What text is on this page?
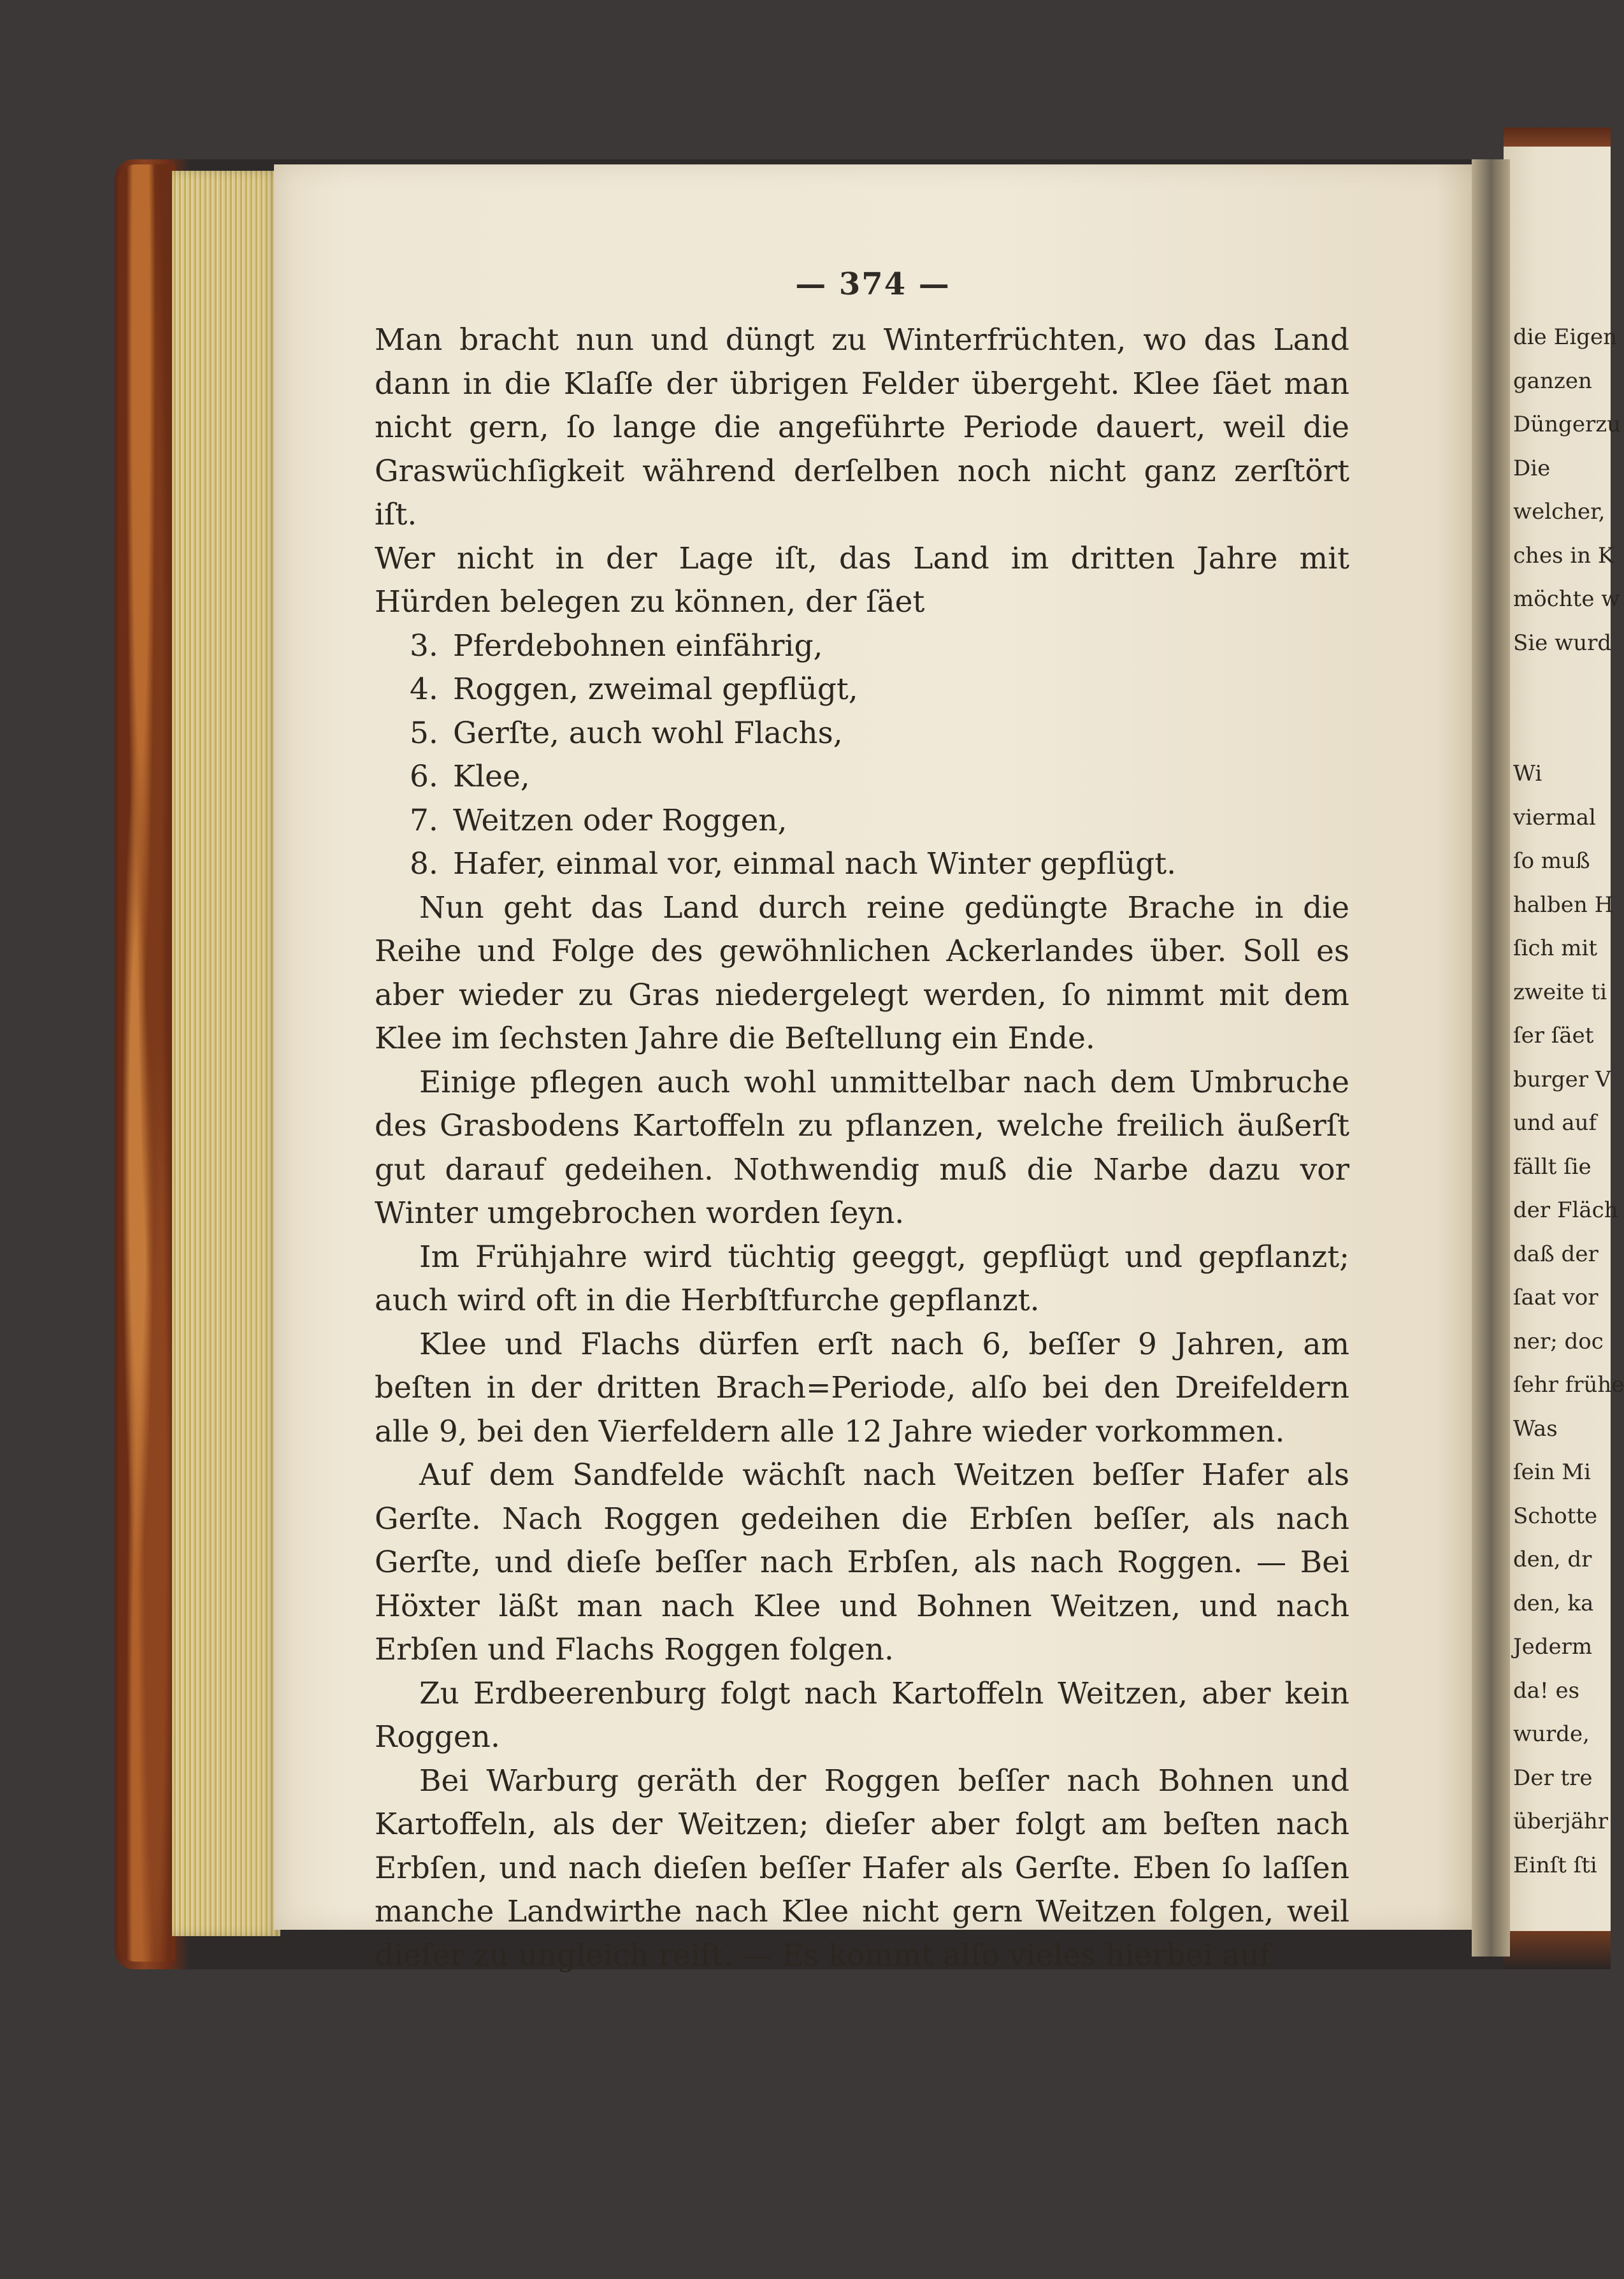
— 374 —

Man bracht nun und düngt zu Winterfrüchten, wo das Land

dann in die Klaſſe der übrigen Felder übergeht. Klee ſäet man

nicht gern, ſo lange die angeführte Periode dauert, weil die

Graswüchſigkeit während derſelben noch nicht ganz zerſtört iſt.

Wer nicht in der Lage iſt, das Land im dritten Jahre mit

Hürden belegen zu können, der ſäet

3. Pferdebohnen einfährig,
4. Roggen, zweimal gepflügt,
5. Gerſte, auch wohl Flachs,
6. Klee,
7. Weitzen oder Roggen,
8. Hafer, einmal vor, einmal nach Winter gepflügt.

Nun geht das Land durch reine gedüngte Brache in die

Reihe und Folge des gewöhnlichen Ackerlandes über. Soll es

aber wieder zu Gras niedergelegt werden, ſo nimmt mit dem

Klee im ſechsten Jahre die Beſtellung ein Ende.

Einige pflegen auch wohl unmittelbar nach dem Umbruche

des Grasbodens Kartoffeln zu pflanzen, welche freilich äußerſt

gut darauf gedeihen. Nothwendig muß die Narbe dazu vor

Winter umgebrochen worden ſeyn.

Im Frühjahre wird tüchtig geeggt, gepflügt und gepflanzt;

auch wird oft in die Herbſtfurche gepflanzt.

Klee und Flachs dürfen erſt nach 6, beſſer 9 Jahren, am

beſten in der dritten Brach=Periode, alſo bei den Dreifeldern

alle 9, bei den Vierfeldern alle 12 Jahre wieder vorkommen.

Auf dem Sandfelde wächſt nach Weitzen beſſer Hafer als

Gerſte. Nach Roggen gedeihen die Erbſen beſſer, als nach

Gerſte, und dieſe beſſer nach Erbſen, als nach Roggen. — Bei

Höxter läßt man nach Klee und Bohnen Weitzen, und nach

Erbſen und Flachs Roggen folgen.

Zu Erdbeerenburg folgt nach Kartoffeln Weitzen, aber kein

Roggen.

Bei Warburg geräth der Roggen beſſer nach Bohnen und

Kartoffeln, als der Weitzen; dieſer aber folgt am beſten nach

Erbſen, und nach dieſen beſſer Hafer als Gerſte. Eben ſo laſſen

manche Landwirthe nach Klee nicht gern Weitzen folgen, weil

dieſer zu ungleich reift. — Es kommt alſo vieles hierbei auf

die Eigen
ganzen
Düngerzu
Die
welcher,
ches in K
möchte w
Sie wurd
Wi
viermal
ſo muß
halben H
ſich mit
zweite ti
ſer ſäet
burger V
und auf
fällt ſie
der Fläch
daß der
ſaat vor
ner; doc
ſehr frühe
Was
ſein Mi
Schotte
den, dr
den, ka
Jederm
da! es
wurde,
Der tre
überjähr
Einſt ſti
